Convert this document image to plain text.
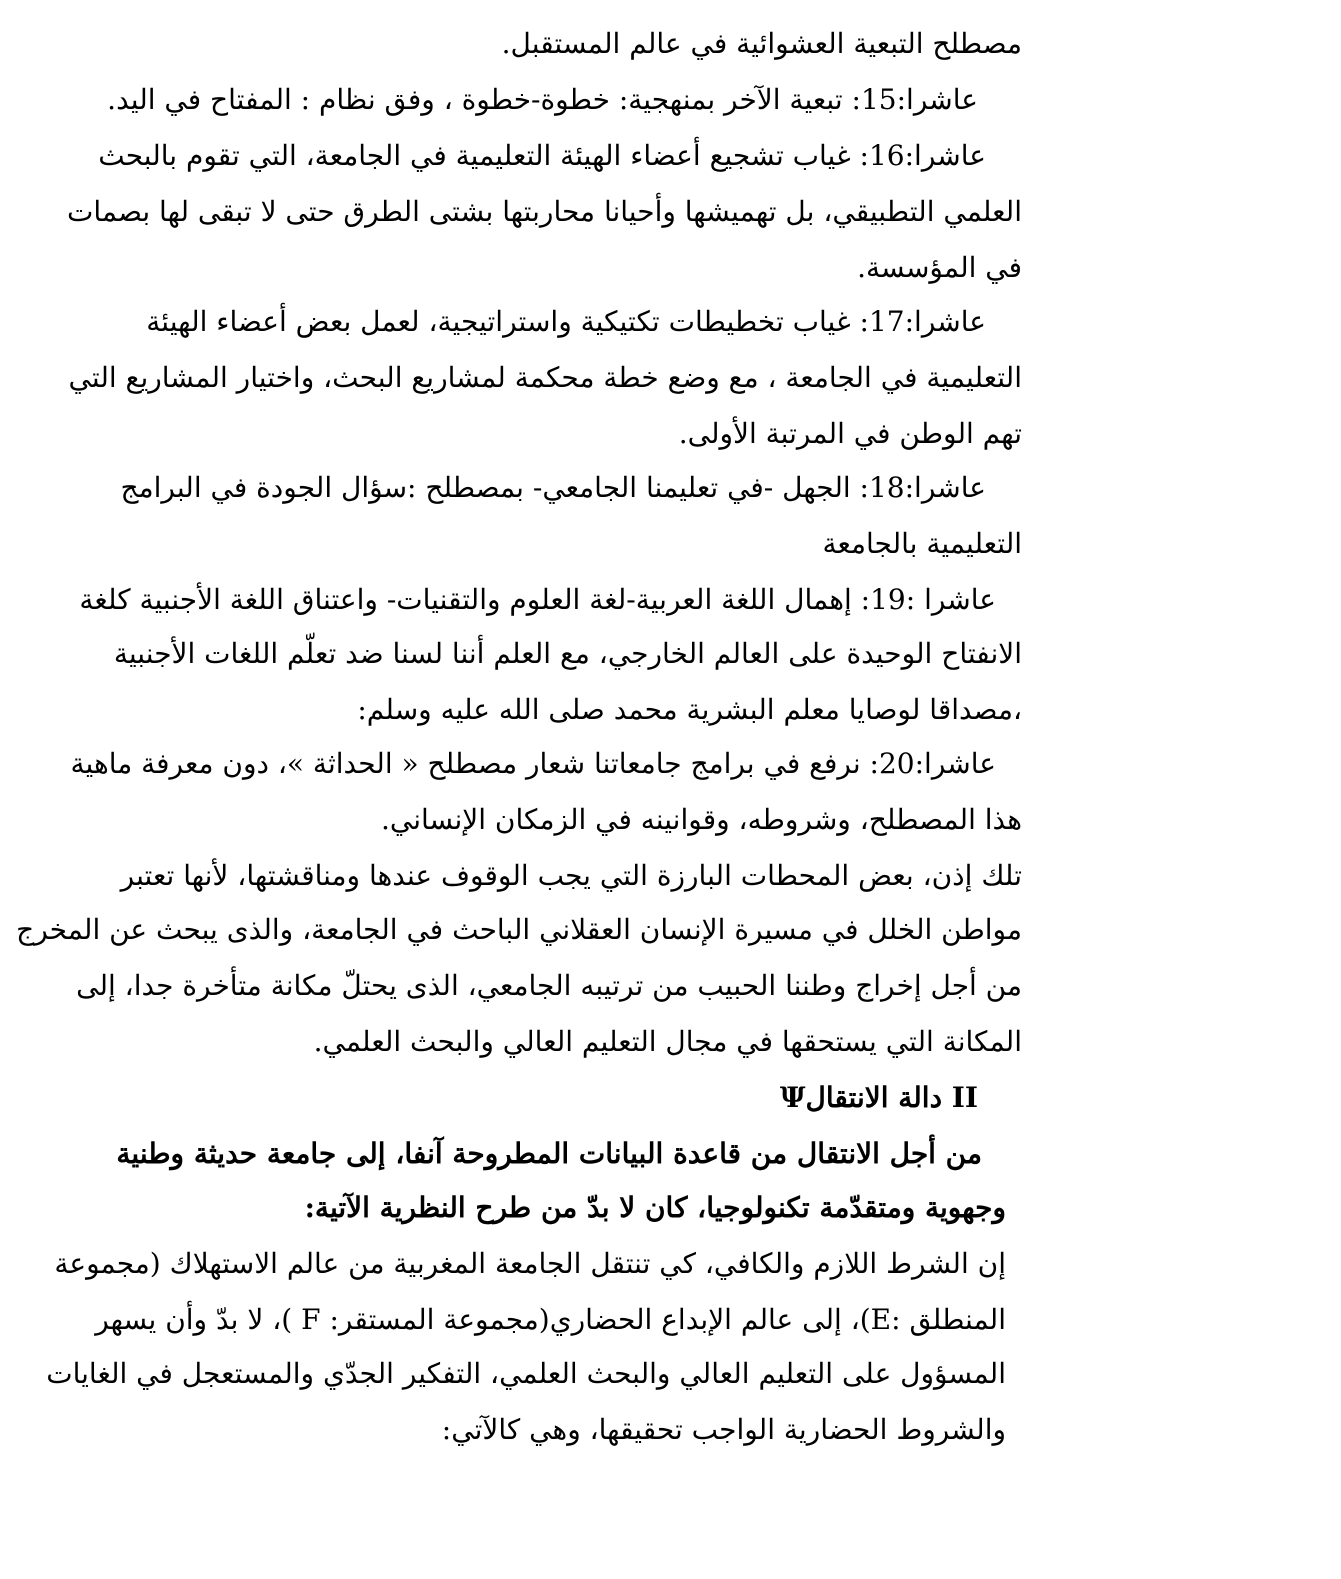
مصطلح التبعية العشوائية في عالم المستقبل.
عاشرا:15: تبعية الآخر بمنهجية: خطوة-خطوة ، وفق نظام : المفتاح في اليد.
عاشرا:16: غياب تشجيع أعضاء الهيئة التعليمية في الجامعة، التي تقوم بالبحث
العلمي التطبيقي، بل تهميشها وأحيانا محاربتها بشتى الطرق حتى لا تبقى لها بصمات
في المؤسسة.
عاشرا:17: غياب تخطيطات تكتيكية واستراتيجية، لعمل بعض أعضاء الهيئة
التعليمية في الجامعة ، مع وضع خطة محكمة لمشاريع البحث، واختيار المشاريع التي
تهم الوطن في المرتبة الأولى.
عاشرا:18: الجهل -في تعليمنا الجامعي- بمصطلح :سؤال الجودة في البرامج
التعليمية بالجامعة
عاشرا :19: إهمال اللغة العربية-لغة العلوم والتقنيات- واعتناق اللغة الأجنبية كلغة
الانفتاح الوحيدة على العالم الخارجي، مع العلم أننا لسنا ضد تعلّم اللغات الأجنبية
،مصداقا لوصايا معلم البشرية محمد صلى الله عليه وسلم:
عاشرا:20: نرفع في برامج جامعاتنا شعار مصطلح « الحداثة »، دون معرفة ماهية
هذا المصطلح، وشروطه، وقوانينه في الزمكان الإنساني.
تلك إذن، بعض المحطات البارزة التي يجب الوقوف عندها ومناقشتها، لأنها تعتبر
مواطن الخلل في مسيرة الإنسان العقلاني الباحث في الجامعة، والذى يبحث عن المخرج
من أجل إخراج وطننا الحبيب من ترتيبه الجامعي، الذى يحتلّ مكانة متأخرة جدا، إلى
المكانة التي يستحقها في مجال التعليم العالي والبحث العلمي.
II دالة الانتقالΨ
من أجل الانتقال من قاعدة البيانات المطروحة آنفا، إلى جامعة حديثة وطنية
وجهوية ومتقدّمة تكنولوجيا، كان لا بدّ من طرح النظرية الآتية:
إن الشرط اللازم والكافي، كي تنتقل الجامعة المغربية من عالم الاستهلاك (مجموعة
المنطلق :E)، إلى عالم الإبداع الحضاري(مجموعة المستقر: F )، لا بدّ وأن يسهر
المسؤول على التعليم العالي والبحث العلمي، التفكير الجدّي والمستعجل في الغايات
والشروط الحضارية الواجب تحقيقها، وهي كالآتي:
